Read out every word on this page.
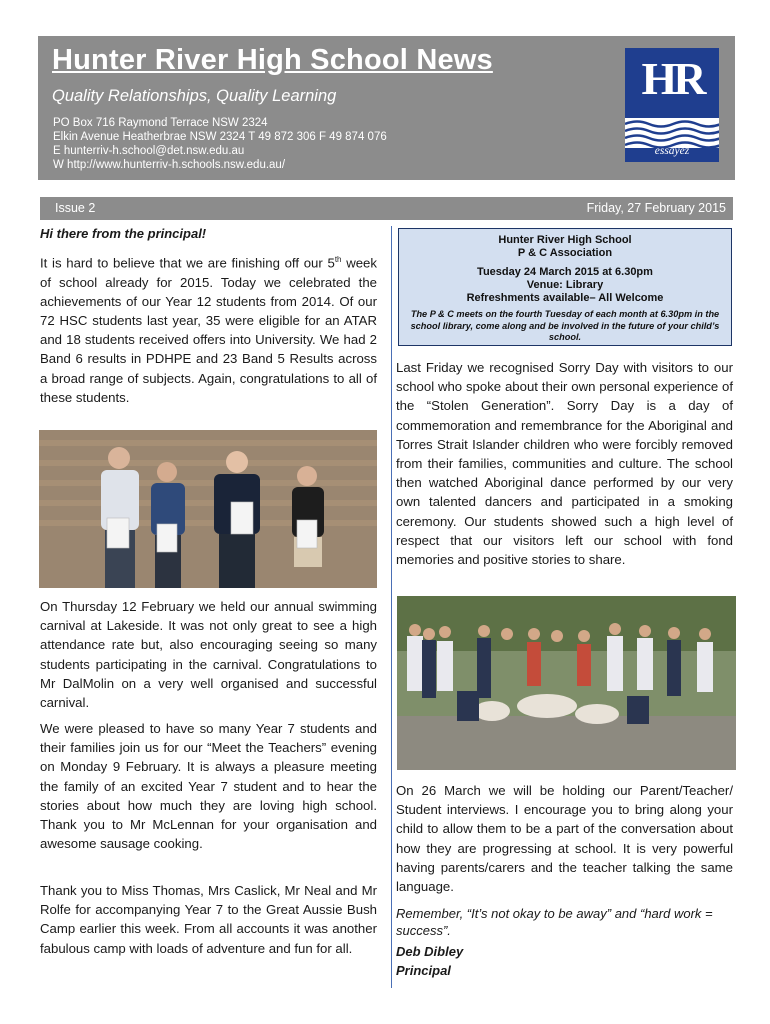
Hunter River High School News
Quality Relationships, Quality Learning
PO Box 716 Raymond Terrace NSW 2324
Elkin Avenue Heatherbrae NSW 2324 T 49 872 306 F 49 874 076
E hunterriv-h.school@det.nsw.edu.au
W http://www.hunterriv-h.schools.nsw.edu.au/
HR
essayez
Issue 2	Friday, 27 February 2015
Hi there from the principal!
It is hard to believe that we are finishing off our 5th week of school already for 2015. Today we celebrated the achievements of our Year 12 students from 2014. Of our 72 HSC students last year, 35 were eligible for an ATAR and 18 students received offers into University. We had 2 Band 6 results in PDHPE and 23 Band 5 Results across a broad range of subjects. Again, congratulations to all of these students.
On Thursday 12 February we held our annual swimming carnival at Lakeside. It was not only great to see a high attendance rate but, also encouraging seeing so many students participating in the carnival. Congratulations to Mr DalMolin on a very well organised and successful carnival.
We were pleased to have so many Year 7 students and their families join us for our “Meet the Teachers” evening on Monday 9 February. It is always a pleasure meeting the family of an excited Year 7 student and to hear the stories about how much they are loving high school. Thank you to Mr McLennan for your organisation and awesome sausage cooking.
Thank you to Miss Thomas, Mrs Caslick, Mr Neal and Mr Rolfe for accompanying Year 7 to the Great Aussie Bush Camp earlier this week. From all accounts it was another fabulous camp with loads of adventure and fun for all.
Hunter River High School
P & C Association
Tuesday 24 March 2015 at 6.30pm
Venue: Library
Refreshments available– All Welcome
The P & C meets on the fourth Tuesday of each month at 6.30pm in the school library, come along and be involved in the future of your child’s school.
Last Friday we recognised Sorry Day with visitors to our school who spoke about their own personal experience of the “Stolen Generation”. Sorry Day is a day of commemoration and remembrance for the Aboriginal and Torres Strait Islander children who were forcibly removed from their families, communities and culture. The school then watched Aboriginal dance performed by our very own talented dancers and participated in a smoking ceremony. Our students showed such a high level of respect that our visitors left our school with fond memories and positive stories to share.
On 26 March we will be holding our Parent/Teacher/ Student interviews. I encourage you to bring along your child to allow them to be a part of the conversation about how they are progressing at school. It is very powerful having parents/carers and the teacher talking the same language.
Remember, “It’s not okay to be away” and “hard work = success”.
Deb Dibley
Principal
